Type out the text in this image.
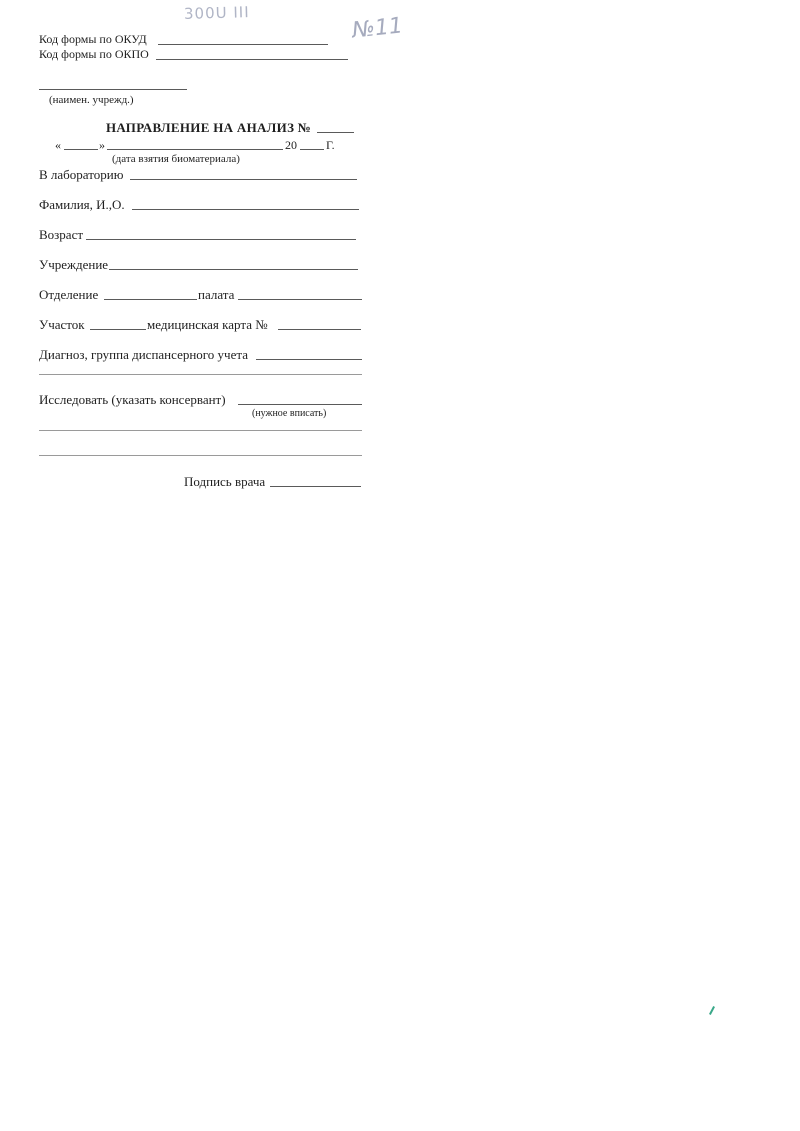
300U III
№11
Код формы по ОКУД
Код формы по ОКПО
(наимен. учрежд.)
НАПРАВЛЕНИЕ НА АНАЛИЗ №
«	»	20 Г.
(дата взятия биоматериала)
В лабораторию
Фамилия, И.,О.
Возраст
Учреждение
Отделение	палата
Участок	медицинская карта №
Диагноз, группа диспансерного учета
Исследовать (указать консервант)
(нужное вписать)
Подпись врача
